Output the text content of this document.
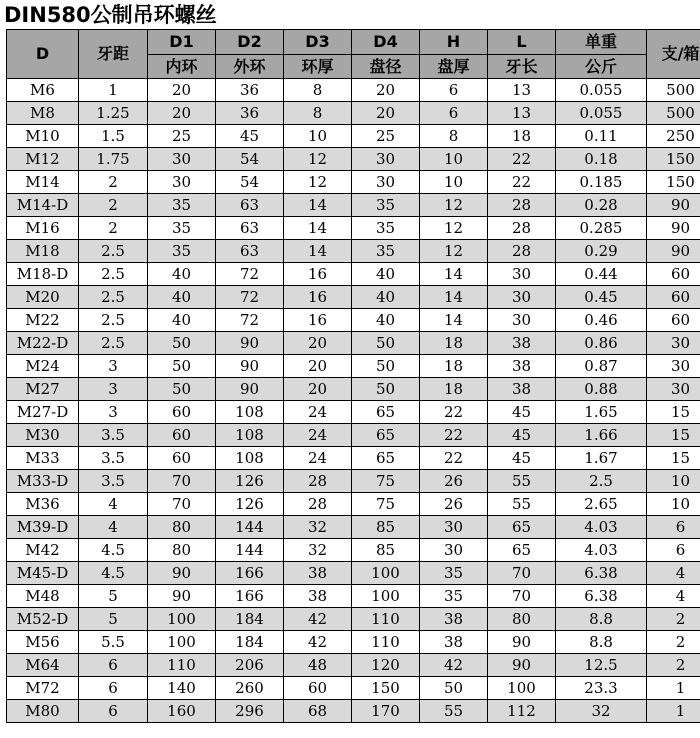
DIN580公制吊环螺丝
D	牙距	D1	D2	D3	D4	H	L	单重	支/箱
		内环	外环	环厚	盘径	盘厚	牙长	公斤	
M6	1	20	36	8	20	6	13	0.055	500
M8	1.25	20	36	8	20	6	13	0.055	500
M10	1.5	25	45	10	25	8	18	0.11	250
M12	1.75	30	54	12	30	10	22	0.18	150
M14	2	30	54	12	30	10	22	0.185	150
M14-D	2	35	63	14	35	12	28	0.28	90
M16	2	35	63	14	35	12	28	0.285	90
M18	2.5	35	63	14	35	12	28	0.29	90
M18-D	2.5	40	72	16	40	14	30	0.44	60
M20	2.5	40	72	16	40	14	30	0.45	60
M22	2.5	40	72	16	40	14	30	0.46	60
M22-D	2.5	50	90	20	50	18	38	0.86	30
M24	3	50	90	20	50	18	38	0.87	30
M27	3	50	90	20	50	18	38	0.88	30
M27-D	3	60	108	24	65	22	45	1.65	15
M30	3.5	60	108	24	65	22	45	1.66	15
M33	3.5	60	108	24	65	22	45	1.67	15
M33-D	3.5	70	126	28	75	26	55	2.5	10
M36	4	70	126	28	75	26	55	2.65	10
M39-D	4	80	144	32	85	30	65	4.03	6
M42	4.5	80	144	32	85	30	65	4.03	6
M45-D	4.5	90	166	38	100	35	70	6.38	4
M48	5	90	166	38	100	35	70	6.38	4
M52-D	5	100	184	42	110	38	80	8.8	2
M56	5.5	100	184	42	110	38	90	8.8	2
M64	6	110	206	48	120	42	90	12.5	2
M72	6	140	260	60	150	50	100	23.3	1
M80	6	160	296	68	170	55	112	32	1
